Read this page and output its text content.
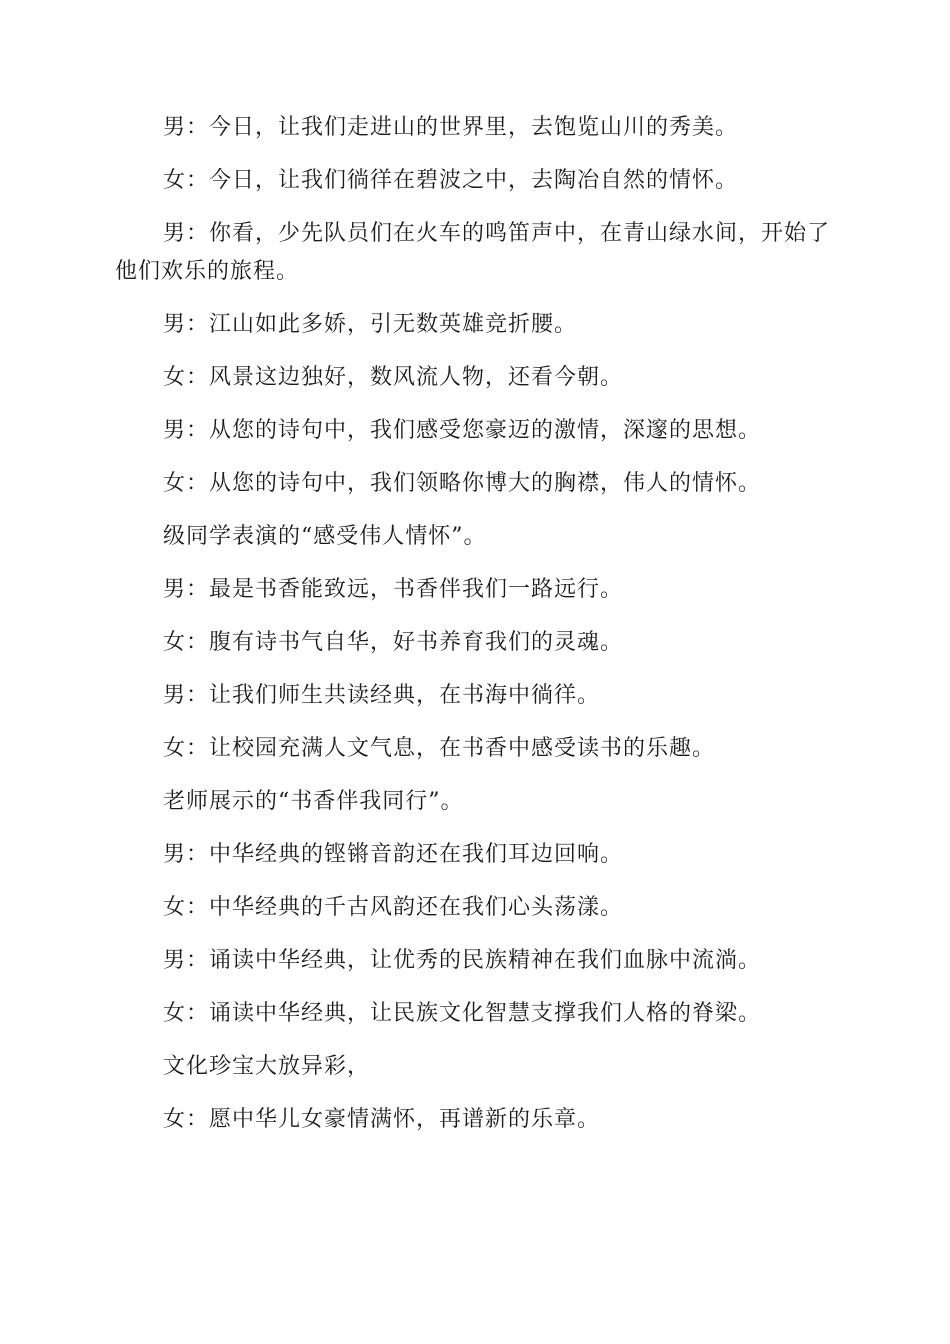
男：今日，让我们走进山的世界里，去饱览山川的秀美。

女：今日，让我们徜徉在碧波之中，去陶冶自然的情怀。

男：你看，少先队员们在火车的鸣笛声中，在青山绿水间，开始了他们欢乐的旅程。

男：江山如此多娇，引无数英雄竞折腰。

女：风景这边独好，数风流人物，还看今朝。

男：从您的诗句中，我们感受您豪迈的激情，深邃的思想。

女：从您的诗句中，我们领略你博大的胸襟，伟人的情怀。

级同学表演的“感受伟人情怀”。

男：最是书香能致远，书香伴我们一路远行。

女：腹有诗书气自华，好书养育我们的灵魂。

男：让我们师生共读经典，在书海中徜徉。

女：让校园充满人文气息，在书香中感受读书的乐趣。

老师展示的“书香伴我同行”。

男：中华经典的铿锵音韵还在我们耳边回响。

女：中华经典的千古风韵还在我们心头荡漾。

男：诵读中华经典，让优秀的民族精神在我们血脉中流淌。

女：诵读中华经典，让民族文化智慧支撑我们人格的脊梁。

文化珍宝大放异彩，

女：愿中华儿女豪情满怀，再谱新的乐章。
